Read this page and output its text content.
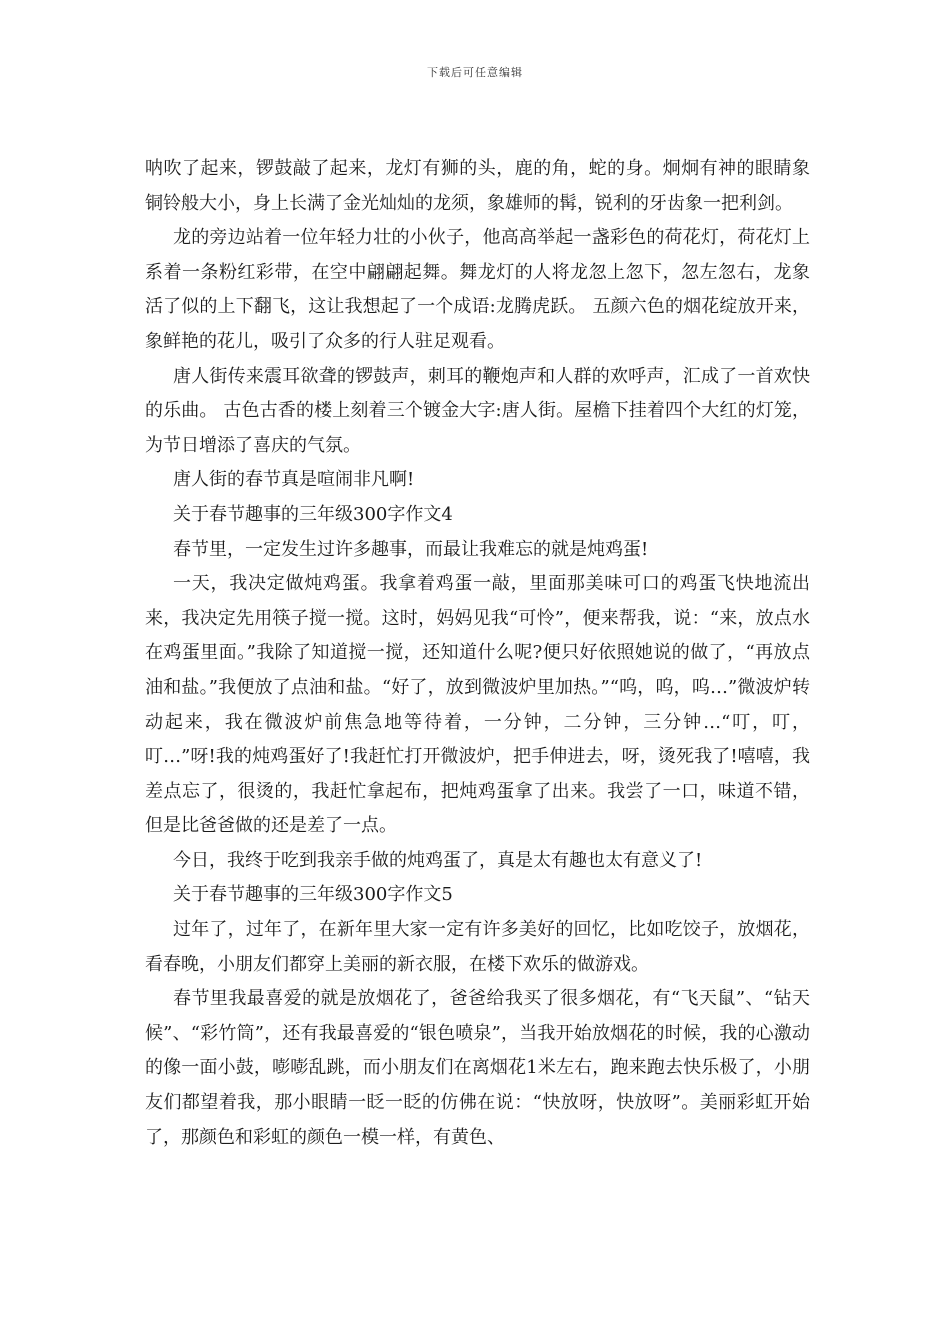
下载后可任意编辑

呐吹了起来，锣鼓敲了起来，龙灯有狮的头，鹿的角，蛇的身。炯炯有神的眼睛象铜铃般大小，身上长满了金光灿灿的龙须，象雄师的髯，锐利的牙齿象一把利剑。

龙的旁边站着一位年轻力壮的小伙子，他高高举起一盏彩色的荷花灯，荷花灯上系着一条粉红彩带，在空中翩翩起舞。舞龙灯的人将龙忽上忽下，忽左忽右，龙象活了似的上下翻飞，这让我想起了一个成语:龙腾虎跃。 五颜六色的烟花绽放开来，象鲜艳的花儿，吸引了众多的行人驻足观看。

唐人街传来震耳欲聋的锣鼓声，刺耳的鞭炮声和人群的欢呼声，汇成了一首欢快的乐曲。 古色古香的楼上刻着三个镀金大字:唐人街。屋檐下挂着四个大红的灯笼，为节日增添了喜庆的气氛。

唐人街的春节真是喧闹非凡啊!

关于春节趣事的三年级300字作文4

春节里，一定发生过许多趣事，而最让我难忘的就是炖鸡蛋!

一天，我决定做炖鸡蛋。我拿着鸡蛋一敲，里面那美味可口的鸡蛋飞快地流出来，我决定先用筷子搅一搅。这时，妈妈见我“可怜”，便来帮我，说：“来，放点水在鸡蛋里面。”我除了知道搅一搅，还知道什么呢?便只好依照她说的做了，“再放点油和盐。”我便放了点油和盐。“好了，放到微波炉里加热。”“呜，呜，呜…”微波炉转动起来，我在微波炉前焦急地等待着，一分钟，二分钟，三分钟…“叮，叮，叮…”呀!我的炖鸡蛋好了!我赶忙打开微波炉，把手伸进去，呀，烫死我了!嘻嘻，我差点忘了，很烫的，我赶忙拿起布，把炖鸡蛋拿了出来。我尝了一口，味道不错，但是比爸爸做的还是差了一点。

今日，我终于吃到我亲手做的炖鸡蛋了，真是太有趣也太有意义了!

关于春节趣事的三年级300字作文5

过年了，过年了，在新年里大家一定有许多美好的回忆，比如吃饺子，放烟花，看春晚，小朋友们都穿上美丽的新衣服，在楼下欢乐的做游戏。

春节里我最喜爱的就是放烟花了，爸爸给我买了很多烟花，有“飞天鼠”、“钻天候”、“彩竹筒”，还有我最喜爱的“银色喷泉”，当我开始放烟花的时候，我的心激动的像一面小鼓，嘭嘭乱跳，而小朋友们在离烟花1米左右，跑来跑去快乐极了，小朋友们都望着我，那小眼睛一眨一眨的仿佛在说：“快放呀，快放呀”。美丽彩虹开始了，那颜色和彩虹的颜色一模一样，有黄色、
